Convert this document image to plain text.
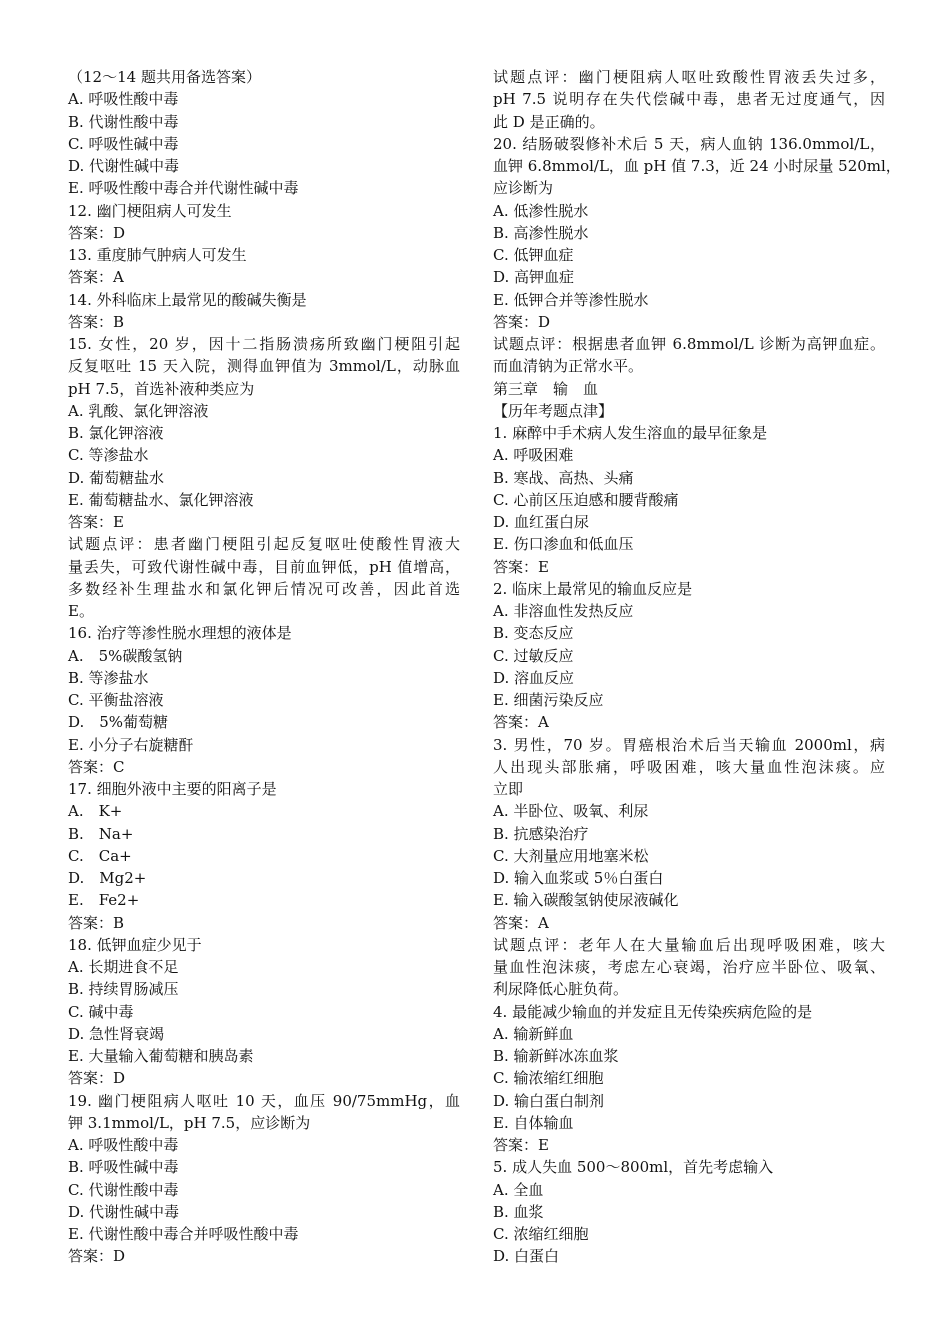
（12～14 题共用备选答案）
A. 呼吸性酸中毒
B. 代谢性酸中毒
C. 呼吸性碱中毒
D. 代谢性碱中毒
E. 呼吸性酸中毒合并代谢性碱中毒
12. 幽门梗阻病人可发生
答案：D
13. 重度肺气肿病人可发生
答案：A
14. 外科临床上最常见的酸碱失衡是
答案：B
15. 女性，20 岁，因十二指肠溃疡所致幽门梗阻引起
反复呕吐 15 天入院，测得血钾值为 3mmol/L，动脉血
pH 7.5，首选补液种类应为
A. 乳酸、氯化钾溶液
B. 氯化钾溶液
C. 等渗盐水
D. 葡萄糖盐水
E. 葡萄糖盐水、氯化钾溶液
答案：E
试题点评：患者幽门梗阻引起反复呕吐使酸性胃液大
量丢失，可致代谢性碱中毒，目前血钾低，pH 值增高，
多数经补生理盐水和氯化钾后情况可改善，因此首选
E。
16. 治疗等渗性脱水理想的液体是
A.　5%碳酸氢钠
B. 等渗盐水
C. 平衡盐溶液
D.　5%葡萄糖
E. 小分子右旋糖酐
答案：C
17. 细胞外液中主要的阳离子是
A.　K+
B.　Na+
C.　Ca+
D.　Mg2+
E.　Fe2+
答案：B
18. 低钾血症少见于
A. 长期进食不足
B. 持续胃肠减压
C. 碱中毒
D. 急性肾衰竭
E. 大量输入葡萄糖和胰岛素
答案：D
19. 幽门梗阻病人呕吐 10 天，血压 90/75mmHg，血
钾 3.1mmol/L，pH 7.5，应诊断为
A. 呼吸性酸中毒
B. 呼吸性碱中毒
C. 代谢性酸中毒
D. 代谢性碱中毒
E. 代谢性酸中毒合并呼吸性酸中毒
答案：D
试题点评：幽门梗阻病人呕吐致酸性胃液丢失过多，
pH 7.5 说明存在失代偿碱中毒，患者无过度通气，因
此 D 是正确的。
20. 结肠破裂修补术后 5 天，病人血钠 136.0mmol/L，
血钾 6.8mmol/L，血 pH 值 7.3，近 24 小时尿量 520ml，
应诊断为
A. 低渗性脱水
B. 高渗性脱水
C. 低钾血症
D. 高钾血症
E. 低钾合并等渗性脱水
答案：D
试题点评：根据患者血钾 6.8mmol/L 诊断为高钾血症。
而血清钠为正常水平。
第三章　输　血
【历年考题点津】
1. 麻醉中手术病人发生溶血的最早征象是
A. 呼吸困难
B. 寒战、高热、头痛
C. 心前区压迫感和腰背酸痛
D. 血红蛋白尿
E. 伤口渗血和低血压
答案：E
2. 临床上最常见的输血反应是
A. 非溶血性发热反应
B. 变态反应
C. 过敏反应
D. 溶血反应
E. 细菌污染反应
答案：A
3. 男性，70 岁。胃癌根治术后当天输血 2000ml，病
人出现头部胀痛，呼吸困难，咳大量血性泡沫痰。应
立即
A. 半卧位、吸氧、利尿
B. 抗感染治疗
C. 大剂量应用地塞米松
D. 输入血浆或 5％白蛋白
E. 输入碳酸氢钠使尿液碱化
答案：A
试题点评：老年人在大量输血后出现呼吸困难，咳大
量血性泡沫痰，考虑左心衰竭，治疗应半卧位、吸氧、
利尿降低心脏负荷。
4. 最能减少输血的并发症且无传染疾病危险的是
A. 输新鲜血
B. 输新鲜冰冻血浆
C. 输浓缩红细胞
D. 输白蛋白制剂
E. 自体输血
答案：E
5. 成人失血 500～800ml，首先考虑输入
A. 全血
B. 血浆
C. 浓缩红细胞
D. 白蛋白
